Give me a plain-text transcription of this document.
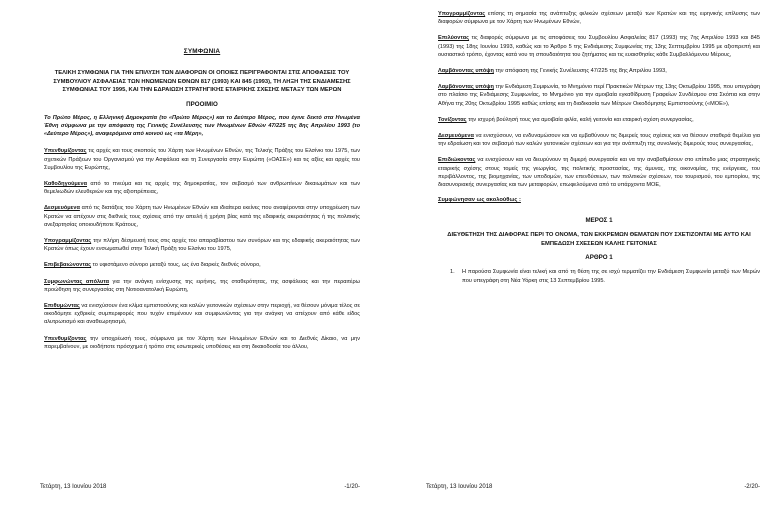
ΣΥΜΦΩΝΙΑ
ΤΕΛΙΚΗ ΣΥΜΦΩΝΙΑ ΓΙΑ ΤΗΝ ΕΠΙΛΥΣΗ ΤΩΝ ΔΙΑΦΟΡΩΝ ΟΙ ΟΠΟΙΕΣ ΠΕΡΙΓΡΑΦΟΝΤΑΙ ΣΤΙΣ ΑΠΟΦΑΣΕΙΣ ΤΟΥ ΣΥΜΒΟΥΛΙΟΥ ΑΣΦΑΛΕΙΑΣ ΤΩΝ ΗΝΩΜΕΝΩΝ ΕΘΝΩΝ 817 (1993) ΚΑΙ 845 (1993), ΤΗ ΛΗΞΗ ΤΗΣ ΕΝΔΙΑΜΕΣΗΣ ΣΥΜΦΩΝΙΑΣ ΤΟΥ 1995, ΚΑΙ ΤΗΝ ΕΔΡΑΙΩΣΗ ΣΤΡΑΤΗΓΙΚΗΣ ΕΤΑΙΡΙΚΗΣ ΣΧΕΣΗΣ ΜΕΤΑΞΥ ΤΩΝ ΜΕΡΩΝ
ΠΡΟΟΙΜΙΟ
Το Πρώτο Μέρος, η Ελληνική Δημοκρατία (το «Πρώτο Μέρος») και το Δεύτερο Μέρος, που έγινε δεκτό στα Ηνωμένα Έθνη σύμφωνα με την απόφαση της Γενικής Συνέλευσης των Ηνωμένων Εθνών 47/225 της 8ης Απριλίου 1993 (το «Δεύτερο Μέρος»), αναφερόμενα από κοινού ως «τα Μέρη»,
Υπενθυμίζοντας τις αρχές και τους σκοπούς του Χάρτη των Ηνωμένων Εθνών, της Τελικής Πράξης του Ελσίνκι του 1975, των σχετικών Πράξεων του Οργανισμού για την Ασφάλεια και τη Συνεργασία στην Ευρώπη («ΟΑΣΕ») και τις αξίες και αρχές του Συμβουλίου της Ευρώπης,
Καθοδηγούμενα από το πνεύμα και τις αρχές της δημοκρατίας, τον σεβασμό των ανθρωπίνων δικαιωμάτων και των θεμελιωδών ελευθεριών και της αξιοπρέπειας,
Δεσμευόμενα από τις διατάξεις του Χάρτη των Ηνωμένων Εθνών και ιδιαίτερα εκείνες που αναφέρονται στην υποχρέωση των Κρατών να απέχουν στις διεθνείς τους σχέσεις από την απειλή ή χρήση βίας κατά της εδαφικής ακεραιότητας ή της πολιτικής ανεξαρτησίας οποιουδήποτε Κράτους,
Υπογραμμίζοντας την πλήρη δέσμευσή τους στις αρχές του απαραβίαστου των συνόρων και της εδαφικής ακεραιότητας των Κρατών όπως έχουν ενσωματωθεί στην Τελική Πράξη του Ελσίνκι του 1975,
Επιβεβαιώνοντας το υφιστάμενο σύνορο μεταξύ τους, ως ένα διαρκές διεθνές σύνορο,
Συμφωνώντας απόλυτα για την ανάγκη ενίσχυσης της ειρήνης, της σταθερότητας, της ασφάλειας και την περαιτέρω προώθηση της συνεργασίας στη Νοτιοανατολική Ευρώπη,
Επιθυμώντας να ενισχύσουν ένα κλίμα εμπιστοσύνης και καλών γειτονικών σχέσεων στην περιοχή, να θέσουν μόνιμα τέλος σε οικοδόμητε εχθρικές συμπεριφορές που τυχόν επιμένουν και συμφωνώντας για την ανάγκη να απέχουν από κάθε είδος αλυτρωτισμό και αναθεωρητισμό,
Υπενθυμίζοντας την υποχρέωσή τους, σύμφωνα με τον Χάρτη των Ηνωμένων Εθνών και το Διεθνές Δίκαιο, να μην παρεμβαίνουν, με οιοδήποτε πρόσχημα ή τρόπο στις εσωτερικές υποθέσεις και στη δικαιοδοσία του άλλου,
Τετάρτη, 13 Ιουνίου 2018	-1/20-
Υπογραμμίζοντας επίσης τη σημασία της ανάπτυξης φιλικών σχέσεων μεταξύ των Κρατών και της ειρηνικής επίλυσης των διαφορών σύμφωνα με τον Χάρτη των Ηνωμένων Εθνών,
Επιλύοντας τις διαφορές σύμφωνα με τις αποφάσεις του Συμβουλίου Ασφαλείας 817 (1993) της 7ης Απριλίου 1993 και 845 (1993) της 18ης Ιουνίου 1993, καθώς και το Άρθρο 5 της Ενδιάμεσης Συμφωνίας της 13ης Σεπτεμβρίου 1995 με αξιοπρεπή και ουσιαστικό τρόπο, έχοντας κατά νου τη σπουδαιότητα του ζητήματος και τις ευαισθησίες κάθε Συμβαλλόμενου Μέρους,
Λαμβάνοντας υπόψη την απόφαση της Γενικής Συνέλευσης 47/225 της 8ης Απριλίου 1993,
Λαμβάνοντας υπόψη την Ενδιάμεση Συμφωνία, το Μνημόνιο περί Πρακτικών Μέτρων της 13ης Οκτωβρίου 1995, που υπεγράφη στο πλαίσιο της Ενδιάμεσης Συμφωνίας, το Μνημόνιο για την αμοιβαία εγκαθίδρυση Γραφείων Συνδέσμου στα Σκόπια και στην Αθήνα της 20ης Οκτωβρίου 1995 καθώς επίσης και τη διαδικασία των Μέτρων Οικοδόμησης Εμπιστοσύνης («ΜΟΕ»),
Τονίζοντας την ισχυρή βούλησή τους για αμοιβαία φιλία, καλή γειτονία και εταιρική σχέση συνεργασίας,
Δεσμευόμενα να ενισχύσουν, να ενδυναμώσουν και να εμβαθύνουν τις διμερείς τους σχέσεις και να θέσουν σταθερά θεμέλια για την εδραίωση και τον σεβασμό των καλών γειτονικών σχέσεων και για την ανάπτυξη της συνολικής διμερούς τους συνεργασίας,
Επιδιώκοντας να ενισχύσουν και να διευρύνουν τη διμερή συνεργασία και να την αναβαθμίσουν στο επίπεδο μιας στρατηγικής εταιρικής σχέσης στους τομείς της γεωργίας, της πολιτικής προστασίας, της άμυνας, της οικονομίας, της ενέργειας, του περιβάλλοντος, της βιομηχανίας, των υποδομών, των επενδύσεων, των πολιτικών σχέσεων, του τουρισμού, του εμπορίου, της διασυνοριακής συνεργασίας και των μεταφορών, επωφελούμενα από τα υπάρχοντα ΜΟΕ,
Συμφώνησαν ως ακολούθως :
ΜΕΡΟΣ 1
ΔΙΕΥΘΕΤΗΣΗ ΤΗΣ ΔΙΑΦΟΡΑΣ ΠΕΡΙ ΤΟ ΟΝΟΜΑ, ΤΩΝ ΕΚΚΡΕΜΩΝ ΘΕΜΑΤΩΝ ΠΟΥ ΣΧΕΤΙΖΟΝΤΑΙ ΜΕ ΑΥΤΟ ΚΑΙ ΕΜΠΕΔΩΣΗ ΣΧΕΣΕΩΝ ΚΑΛΗΣ ΓΕΙΤΟΝΙΑΣ
ΑΡΘΡΟ 1
1.	Η παρούσα Συμφωνία είναι τελική και από τη θέση της σε ισχύ τερματίζει την Ενδιάμεση Συμφωνία μεταξύ των Μερών που υπεγράφη στη Νέα Υόρκη στις 13 Σεπτεμβρίου 1995.
Τετάρτη, 13 Ιουνίου 2018	-2/20-
